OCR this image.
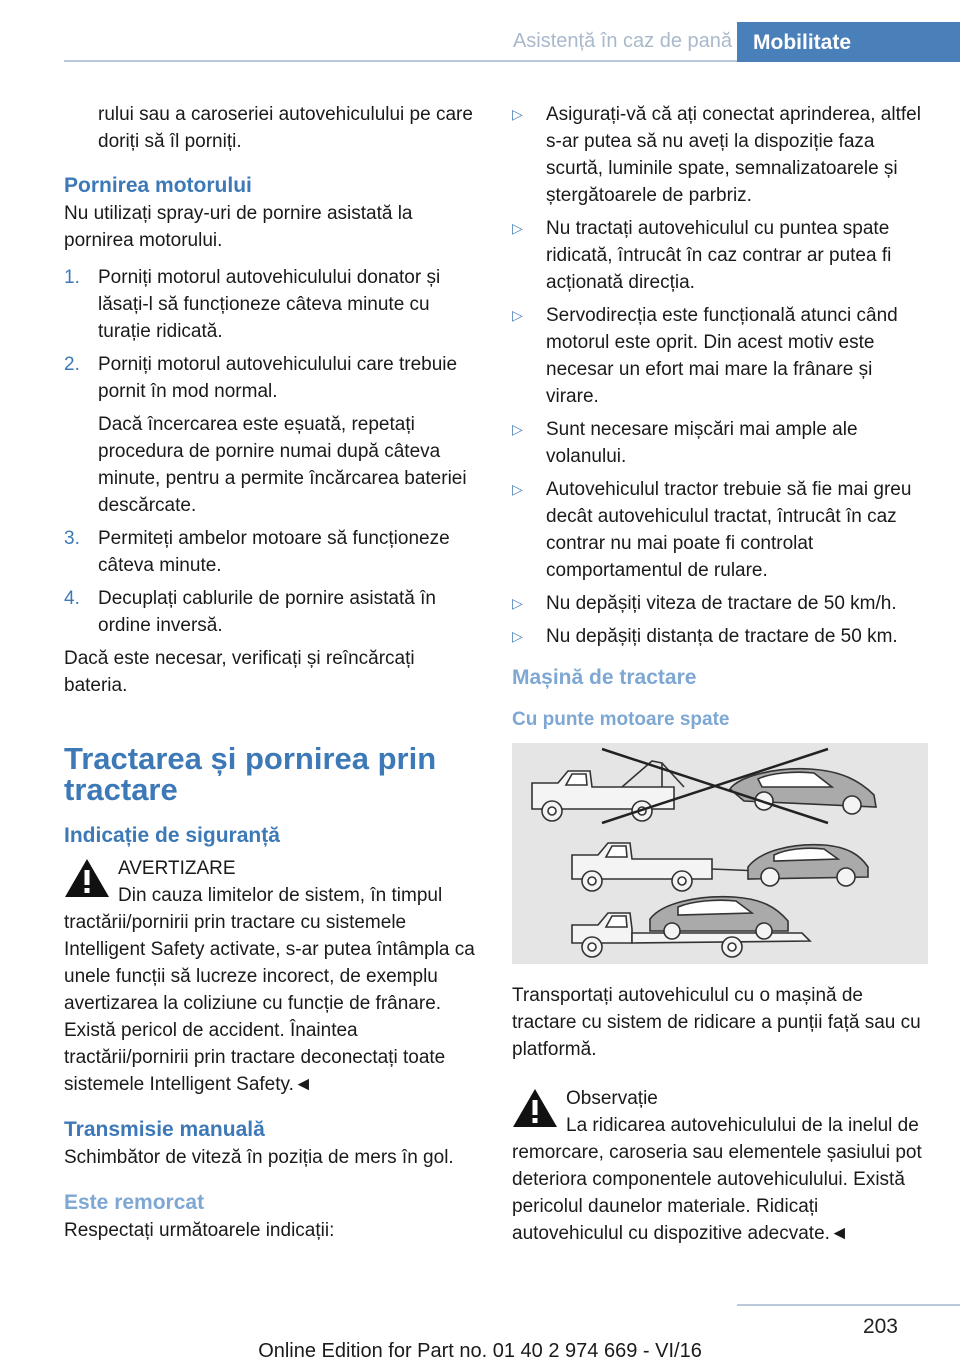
Asistență în caz de pană	Mobilitate

rului sau a caroseriei autovehiculului pe care doriți să îl porniți.

Pornirea motorului

Nu utilizați spray-uri de pornire asistată la pornirea motorului.

1. Porniți motorul autovehiculului donator și lăsați-l să funcționeze câteva minute cu turație ridicată.
2. Porniți motorul autovehiculului care trebuie pornit în mod normal.

Dacă încercarea este eșuată, repetați procedura de pornire numai după câteva minute, pentru a permite încărcarea bateriei descărcate.

3. Permiteți ambelor motoare să funcționeze câteva minute.
4. Decuplați cablurile de pornire asistată în ordine inversă.

Dacă este necesar, verificați și reîncărcați bateria.

Tractarea și pornirea prin tractare
Indicație de siguranță

AVERTIZARE

Din cauza limitelor de sistem, în timpul tractării/pornirii prin tractare cu sistemele Intelligent Safety activate, s-ar putea întâmpla ca unele funcții să lucreze incorect, de exemplu avertizarea la coliziune cu funcție de frânare. Există pericol de accident. Înaintea tractării/pornirii prin tractare deconectați toate sistemele Intelligent Safety.◄

Transmisie manuală

Schimbător de viteză în poziția de mers în gol.

Este remorcat

Respectați următoarele indicații:

▷ Asigurați-vă că ați conectat aprinderea, altfel s-ar putea să nu aveți la dispoziție faza scurtă, luminile spate, semnalizatoarele și ștergătoarele de parbriz.
▷ Nu tractați autovehiculul cu puntea spate ridicată, întrucât în caz contrar ar putea fi acționată direcția.
▷ Servodirecția este funcțională atunci când motorul este oprit. Din acest motiv este necesar un efort mai mare la frânare și virare.
▷ Sunt necesare mișcări mai ample ale volanului.
▷ Autovehiculul tractor trebuie să fie mai greu decât autovehiculul tractat, întrucât în caz contrar nu mai poate fi controlat comportamentul de rulare.
▷ Nu depășiți viteza de tractare de 50 km/h.
▷ Nu depășiți distanța de tractare de 50 km.
Mașină de tractare
Cu punte motoare spate

Transportați autovehiculul cu o mașină de tractare cu sistem de ridicare a punții față sau cu platformă.

Observație

La ridicarea autovehiculului de la inelul de remorcare, caroseria sau elementele șasiului pot deteriora componentele autovehiculului. Există pericolul daunelor materiale. Ridicați autovehiculul cu dispozitive adecvate.◄

203
Online Edition for Part no. 01 40 2 974 669 - VI/16
